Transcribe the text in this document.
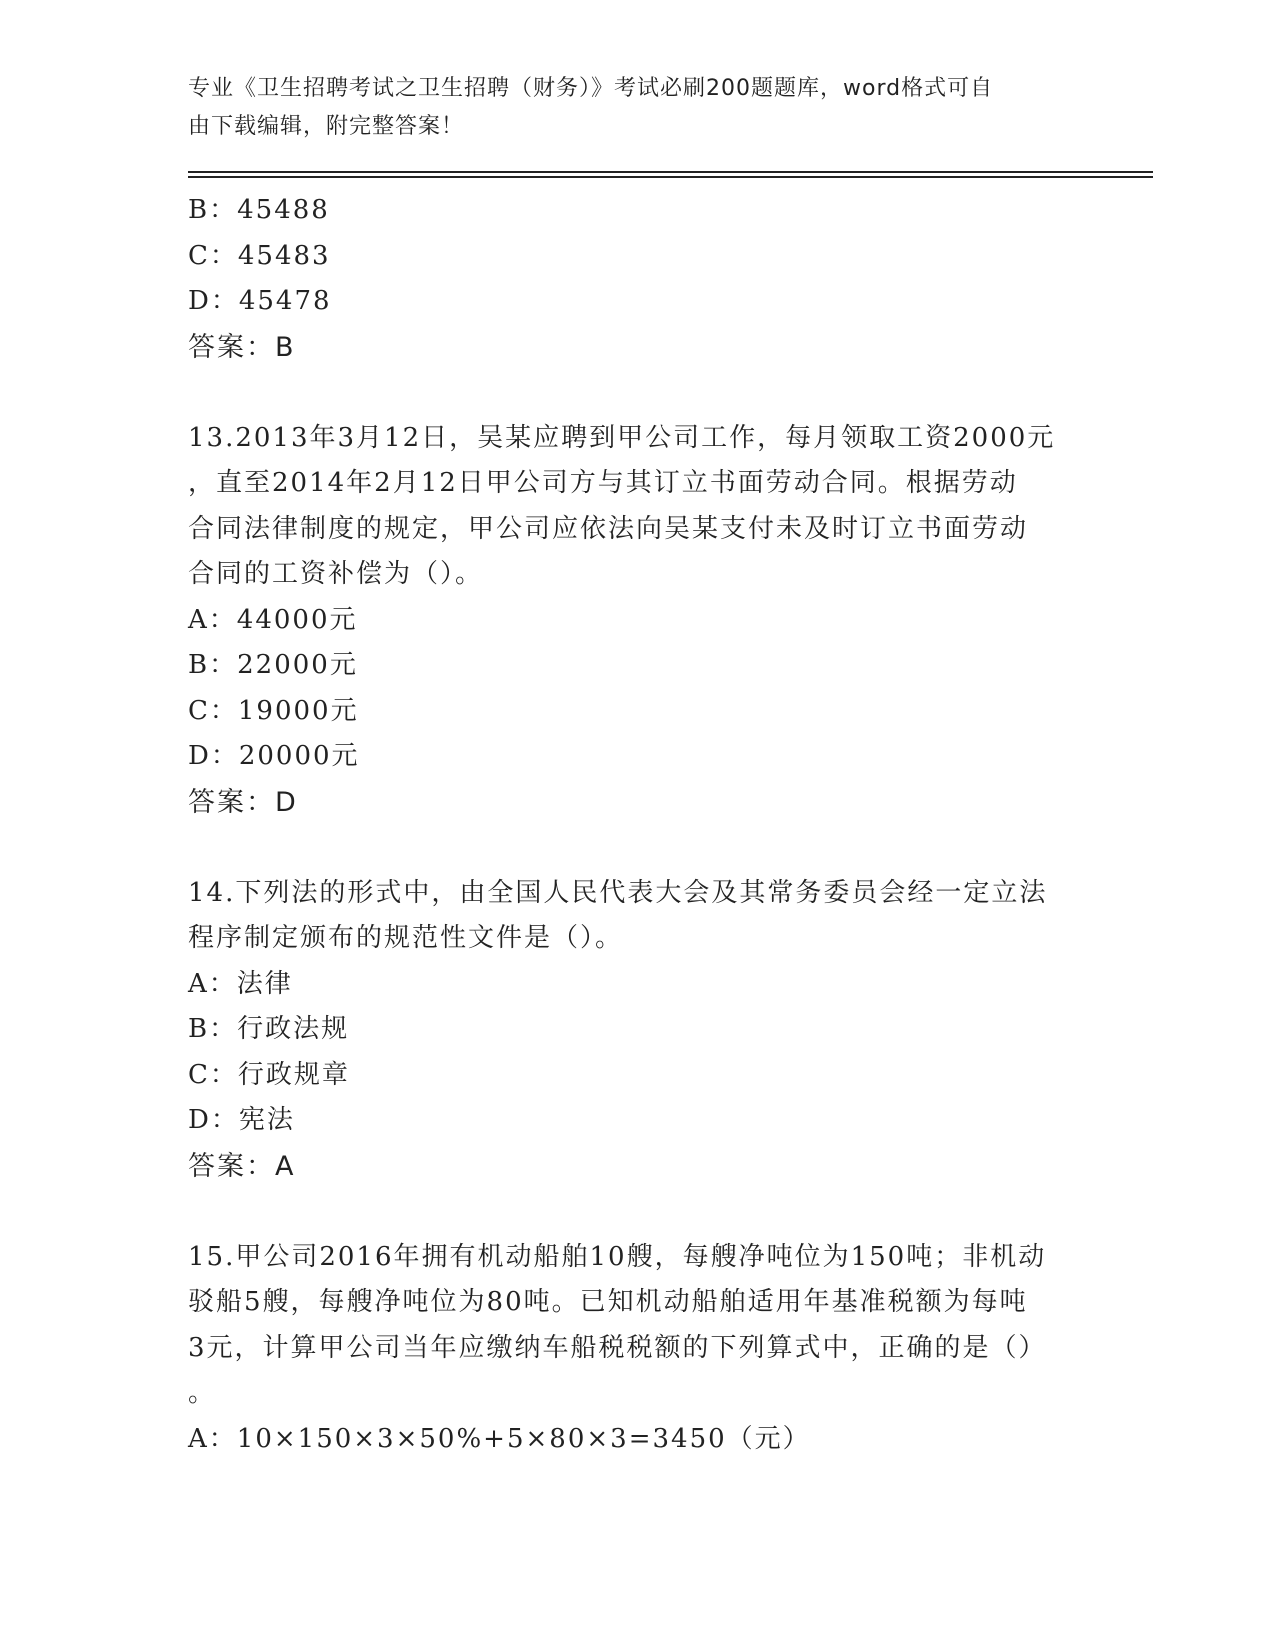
专业《卫生招聘考试之卫生招聘（财务）》考试必刷200题题库，word格式可自
由下载编辑，附完整答案！
B：45488
C：45483
D：45478
答案：B
13.2013年3月12日，吴某应聘到甲公司工作，每月领取工资2000元
，直至2014年2月12日甲公司方与其订立书面劳动合同。根据劳动
合同法律制度的规定，甲公司应依法向吴某支付未及时订立书面劳动
合同的工资补偿为（）。
A：44000元
B：22000元
C：19000元
D：20000元
答案：D
14.下列法的形式中，由全国人民代表大会及其常务委员会经一定立法
程序制定颁布的规范性文件是（）。
A：法律
B：行政法规
C：行政规章
D：宪法
答案：A
15.甲公司2016年拥有机动船舶10艘，每艘净吨位为150吨；非机动
驳船5艘，每艘净吨位为80吨。已知机动船舶适用年基准税额为每吨
3元，计算甲公司当年应缴纳车船税税额的下列算式中，正确的是（）
。
A：10×150×3×50%+5×80×3=3450（元）
